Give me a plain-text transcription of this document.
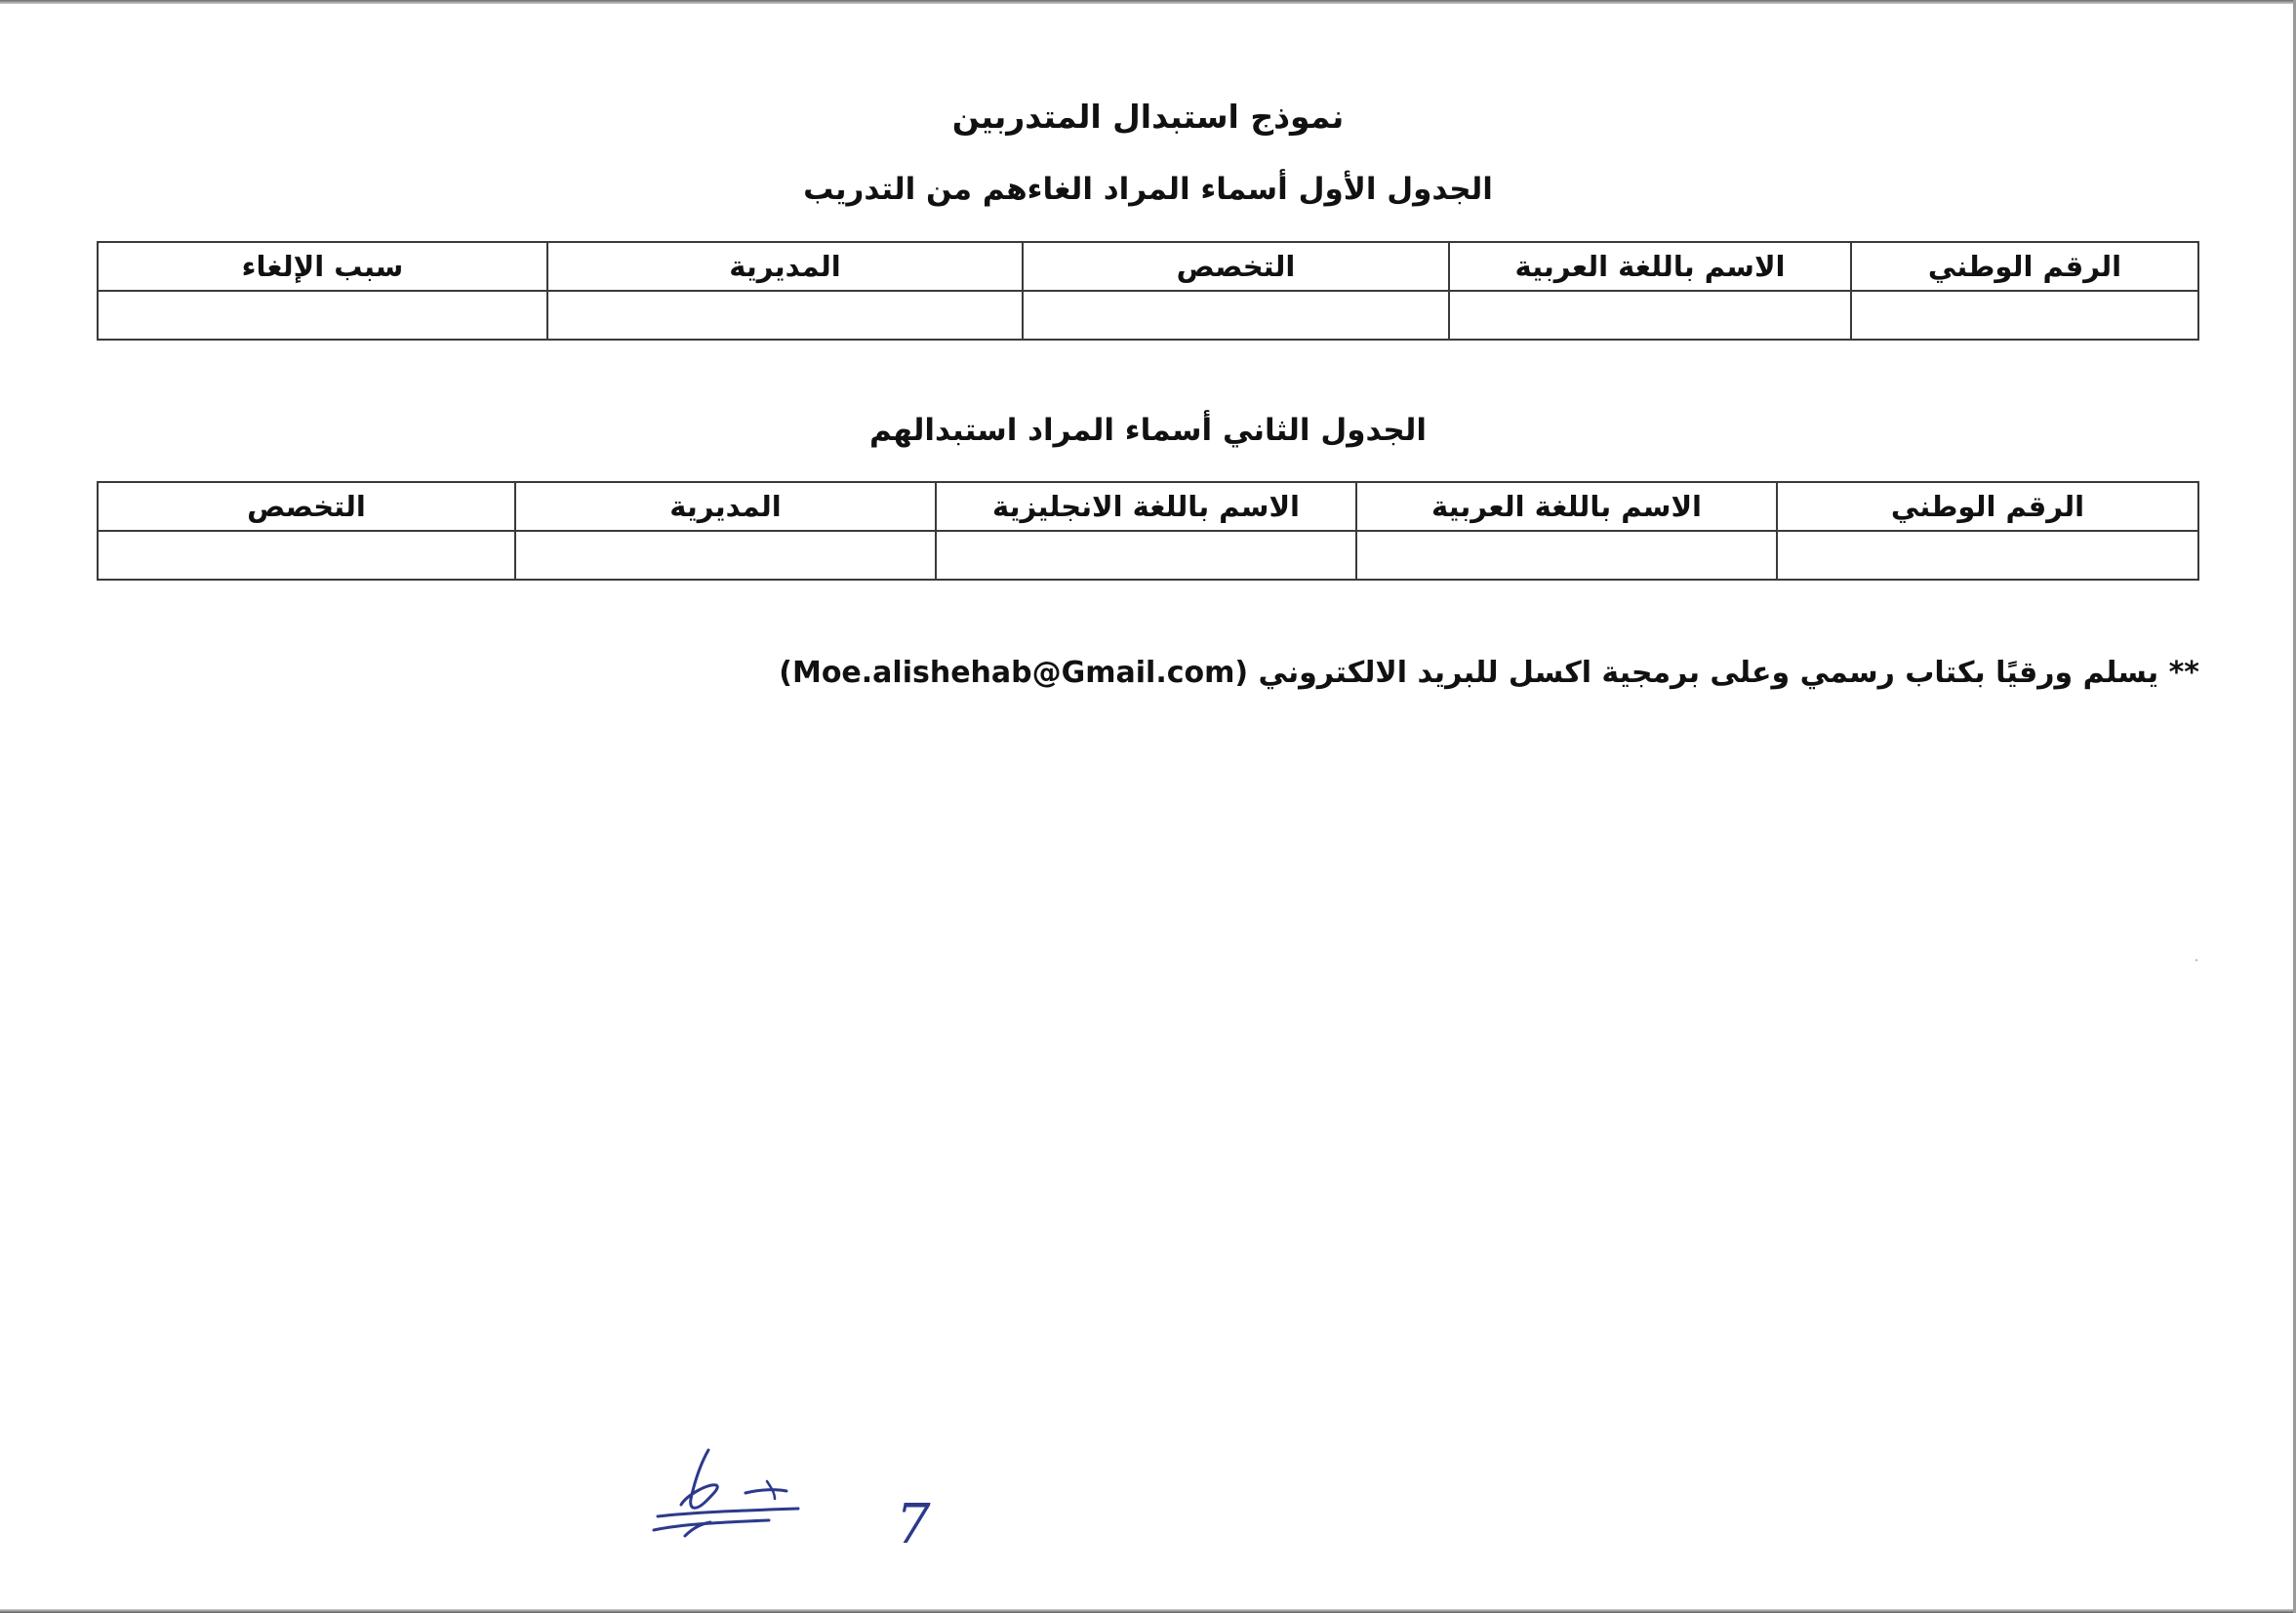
نموذج استبدال المتدربين
الجدول الأول أسماء المراد الغاءهم من التدريب
الرقم الوطني	الاسم باللغة العربية	التخصص	المديرية	سبب الإلغاء

الجدول الثاني أسماء المراد استبدالهم
الرقم الوطني	الاسم باللغة العربية	الاسم باللغة الانجليزية	المديرية	التخصص

** يسلم ورقيًا بكتاب رسمي وعلى برمجية اكسل للبريد الالكتروني (Moe.alishehab@Gmail.com)
7
